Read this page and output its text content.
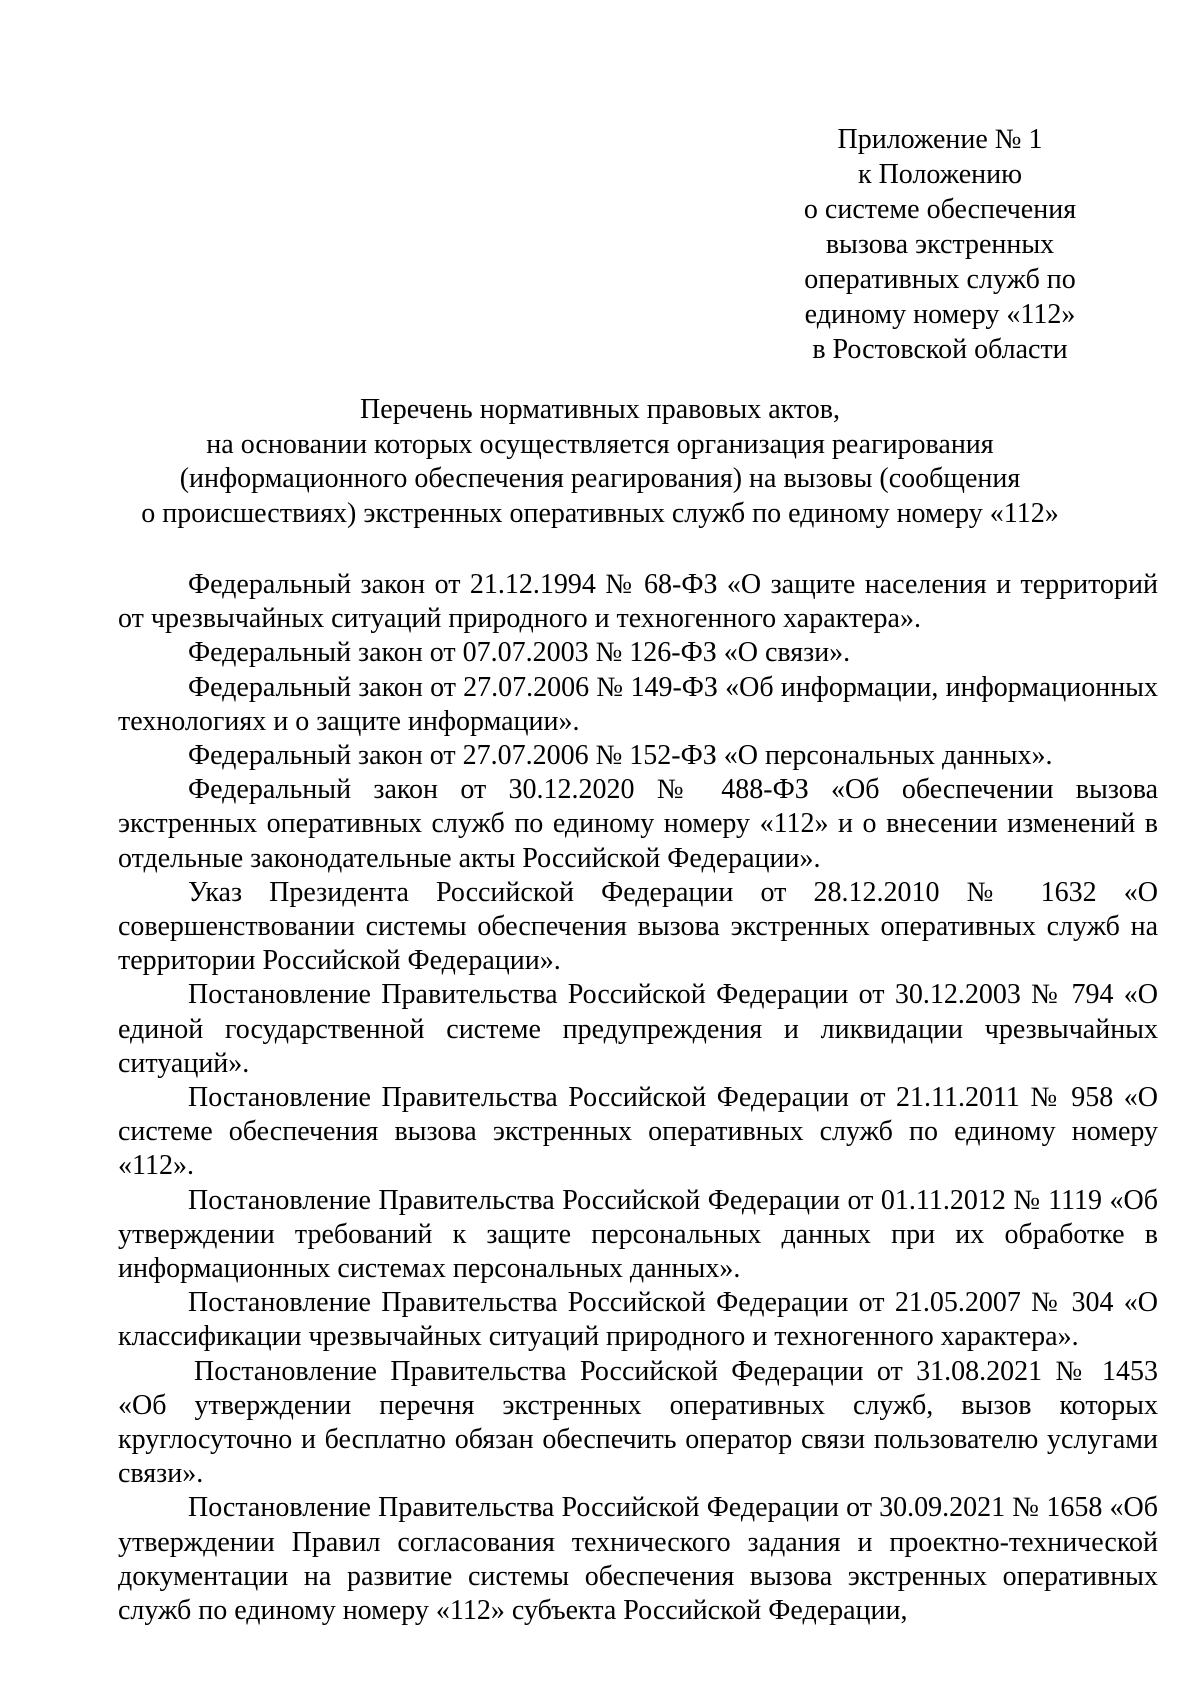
Приложение № 1
к Положению
о системе обеспечения
вызова экстренных
оперативных служб по
единому номеру «112»
в Ростовской области
Перечень нормативных правовых актов,
на основании которых осуществляется организация реагирования
(информационного обеспечения реагирования) на вызовы (сообщения
о происшествиях) экстренных оперативных служб по единому номеру «112»

Федеральный закон от 21.12.1994 № 68-ФЗ «О защите населения и территорий от чрезвычайных ситуаций природного и техногенного характера».

Федеральный закон от 07.07.2003 № 126-ФЗ «О связи».

Федеральный закон от 27.07.2006 № 149-ФЗ «Об информации, информационных технологиях и о защите информации».

Федеральный закон от 27.07.2006 № 152-ФЗ «О персональных данных».

Федеральный закон от 30.12.2020 № 488-ФЗ «Об обеспечении вызова экстренных оперативных служб по единому номеру «112» и о внесении изменений в отдельные законодательные акты Российской Федерации».

Указ Президента Российской Федерации от 28.12.2010 № 1632 «О совершенствовании системы обеспечения вызова экстренных оперативных служб на территории Российской Федерации».

Постановление Правительства Российской Федерации от 30.12.2003 № 794 «О единой государственной системе предупреждения и ликвидации чрезвычайных ситуаций».

Постановление Правительства Российской Федерации от 21.11.2011 № 958 «О системе обеспечения вызова экстренных оперативных служб по единому номеру «112».

Постановление Правительства Российской Федерации от 01.11.2012 № 1119 «Об утверждении требований к защите персональных данных при их обработке в информационных системах персональных данных».

Постановление Правительства Российской Федерации от 21.05.2007 № 304 «О классификации чрезвычайных ситуаций природного и техногенного характера».

Постановление Правительства Российской Федерации от 31.08.2021 № 1453 «Об утверждении перечня экстренных оперативных служб, вызов которых круглосуточно и бесплатно обязан обеспечить оператор связи пользователю услугами связи».

Постановление Правительства Российской Федерации от 30.09.2021 № 1658 «Об утверждении Правил согласования технического задания и проектно-технической документации на развитие системы обеспечения вызова экстренных оперативных служб по единому номеру «112» субъекта Российской Федерации,
